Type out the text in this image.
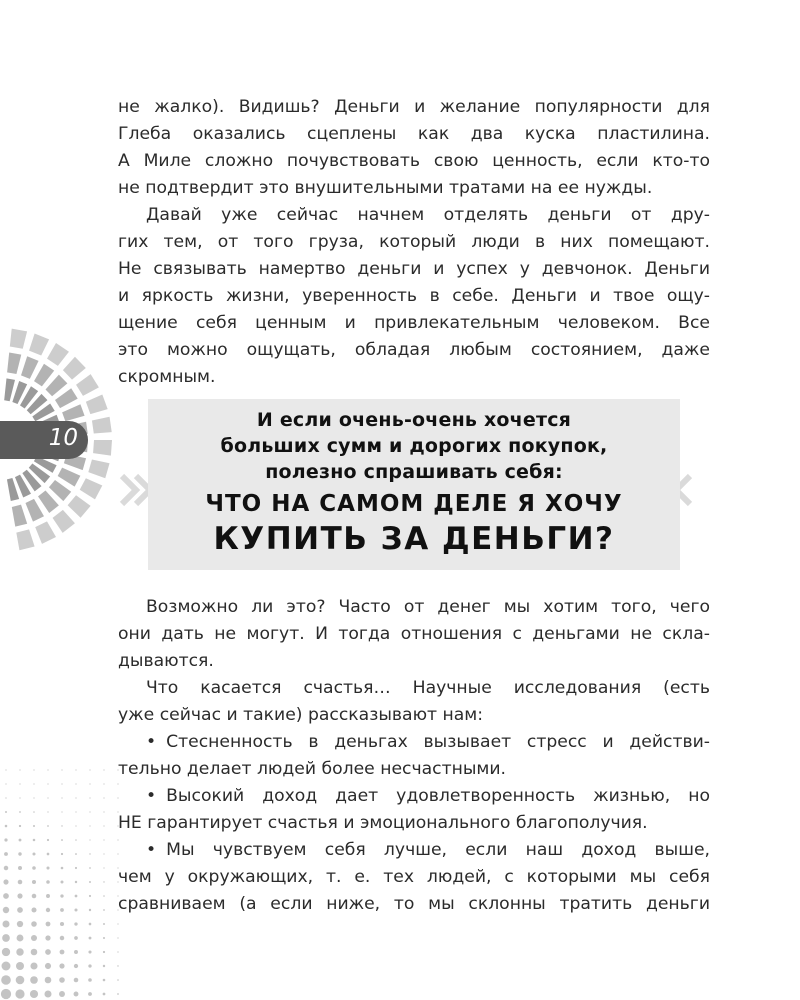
10
не жалко). Видишь? Деньги и желание популярности для
Глеба оказались сцеплены как два куска пластилина.
А Миле сложно почувствовать свою ценность, если кто-то
не подтвердит это внушительными тратами на ее нужды.
Давай уже сейчас начнем отделять деньги от дру-
гих тем, от того груза, который люди в них помещают.
Не связывать намертво деньги и успех у девчонок. Деньги
и яркость жизни, уверенность в себе. Деньги и твое ощу-
щение себя ценным и привлекательным человеком. Все
это можно ощущать, обладая любым состоянием, даже
скромным.
И если очень-очень хочется
больших сумм и дорогих покупок,
полезно спрашивать себя:
ЧТО НА САМОМ ДЕЛЕ Я ХОЧУ
КУПИТЬ ЗА ДЕНЬГИ?
Возможно ли это? Часто от денег мы хотим того, чего
они дать не могут. И тогда отношения с деньгами не скла-
дываются.
Что касается счастья… Научные исследования (есть
уже сейчас и такие) рассказывают нам:
• Стесненность в деньгах вызывает стресс и действи-
тельно делает людей более несчастными.
• Высокий доход дает удовлетворенность жизнью, но
НЕ гарантирует счастья и эмоционального благополучия.
• Мы чувствуем себя лучше, если наш доход выше,
чем у окружающих, т. е. тех людей, с которыми мы себя
сравниваем (а если ниже, то мы склонны тратить деньги
